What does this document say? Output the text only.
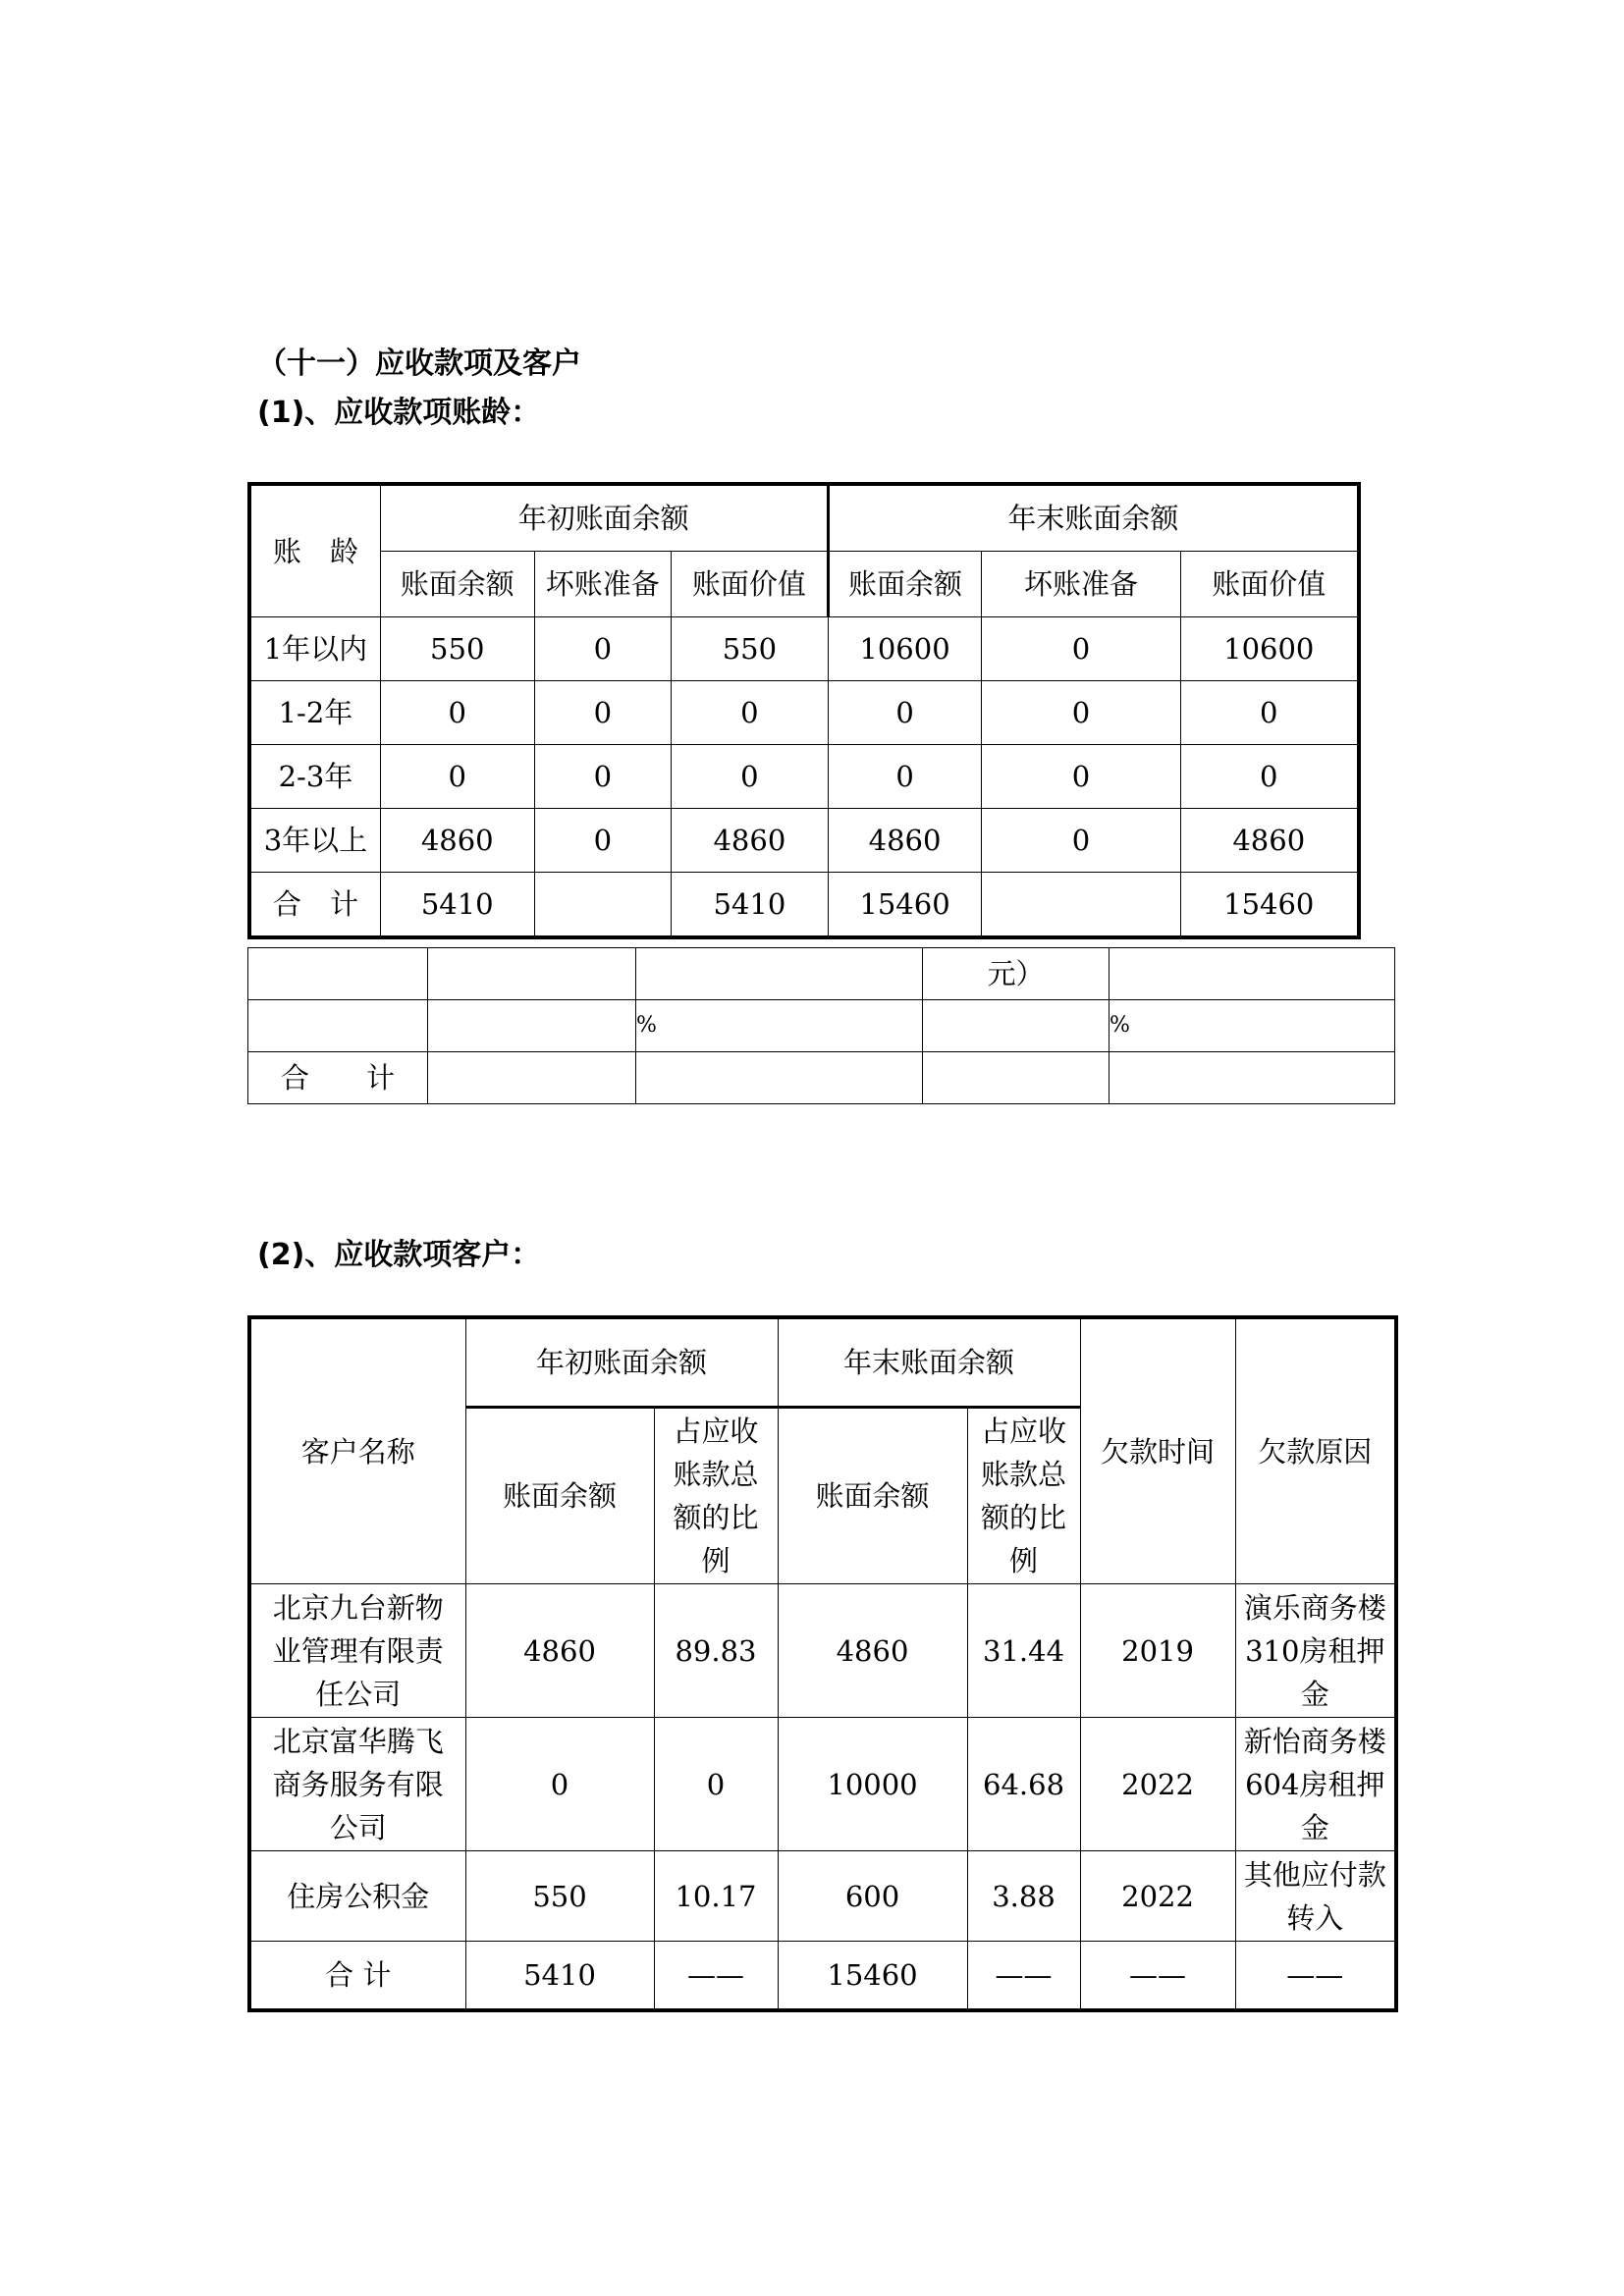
（十一）应收款项及客户
(1)、应收款项账龄：
账　龄	年初账面余额			年末账面余额		
	账面余额	坏账准备	账面价值	账面余额	坏账准备	账面价值
1年以内	550	0	550	10600	0	10600
1-2年	0	0	0	0	0	0
2-3年	0	0	0	0	0	0
3年以上	4860	0	4860	4860	0	4860
合　计	5410		5410	15460		15460
			元）	
		%		%
合　　计				
(2)、应收款项客户：
客户名称	年初账面余额		年末账面余额		欠款时间	欠款原因
	账面余额	占应收账款总额的比例	账面余额	占应收账款总额的比例		

北京九台新物业管理有限责任公司	4860	89.83	4860	31.44	2019	演乐商务楼310房租押金

北京富华腾飞商务服务有限公司	0	0	10000	64.68	2022	新怡商务楼604房租押金

住房公积金	550	10.17	600	3.88	2022	其他应付款转入

合 计	5410	——	15460	——	——	——
